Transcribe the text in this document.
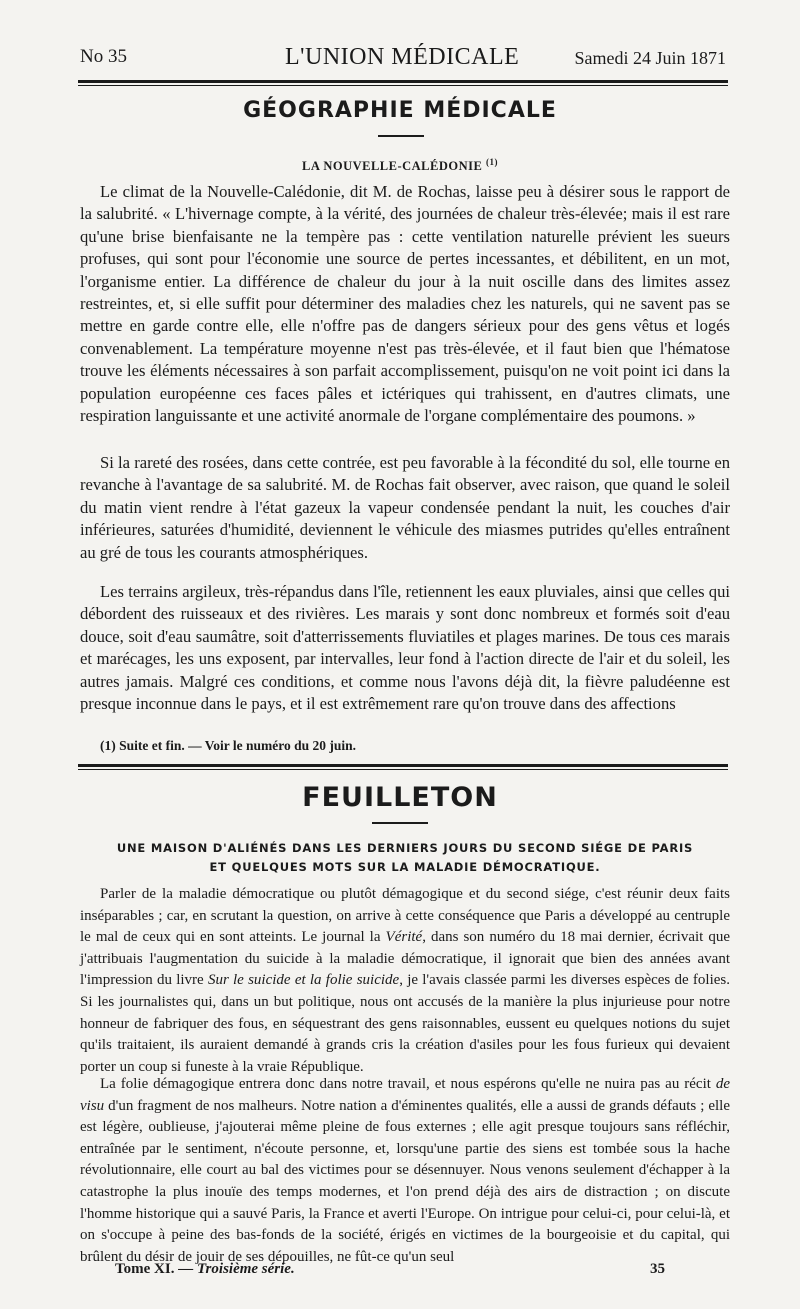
No 35	L'UNION MÉDICALE	Samedi 24 Juin 1871
GÉOGRAPHIE MÉDICALE
LA NOUVELLE-CALÉDONIE $^{(1)}$

Le climat de la Nouvelle-Calédonie, dit M. de Rochas, laisse peu à désirer sous le rapport de la salubrité. « L'hivernage compte, à la vérité, des journées de chaleur très-élevée; mais il est rare qu'une brise bienfaisante ne la tempère pas : cette ventilation naturelle prévient les sueurs profuses, qui sont pour l'économie une source de pertes incessantes, et débilitent, en un mot, l'organisme entier. La différence de chaleur du jour à la nuit oscille dans des limites assez restreintes, et, si elle suffit pour déterminer des maladies chez les naturels, qui ne savent pas se mettre en garde contre elle, elle n'offre pas de dangers sérieux pour des gens vêtus et logés convenablement. La température moyenne n'est pas très-élevée, et il faut bien que l'hématose trouve les éléments nécessaires à son parfait accomplissement, puisqu'on ne voit point ici dans la population européenne ces faces pâles et ictériques qui trahissent, en d'autres climats, une respiration languissante et une activité anormale de l'organe complémentaire des poumons. »

Si la rareté des rosées, dans cette contrée, est peu favorable à la fécondité du sol, elle tourne en revanche à l'avantage de sa salubrité. M. de Rochas fait observer, avec raison, que quand le soleil du matin vient rendre à l'état gazeux la vapeur condensée pendant la nuit, les couches d'air inférieures, saturées d'humidité, deviennent le véhicule des miasmes putrides qu'elles entraînent au gré de tous les courants atmosphériques.

Les terrains argileux, très-répandus dans l'île, retiennent les eaux pluviales, ainsi que celles qui débordent des ruisseaux et des rivières. Les marais y sont donc nombreux et formés soit d'eau douce, soit d'eau saumâtre, soit d'atterrissements fluviatiles et plages marines. De tous ces marais et marécages, les uns exposent, par intervalles, leur fond à l'action directe de l'air et du soleil, les autres jamais. Malgré ces conditions, et comme nous l'avons déjà dit, la fièvre paludéenne est presque inconnue dans le pays, et il est extrêmement rare qu'on trouve dans des affections

(1) Suite et fin. — Voir le numéro du 20 juin.
FEUILLETON
UNE MAISON D'ALIÉNÉS DANS LES DERNIERS JOURS DU SECOND SIÉGE DE PARIS
ET QUELQUES MOTS SUR LA MALADIE DÉMOCRATIQUE.

Parler de la maladie démocratique ou plutôt démagogique et du second siége, c'est réunir deux faits inséparables ; car, en scrutant la question, on arrive à cette conséquence que Paris a développé au centruple le mal de ceux qui en sont atteints. Le journal la Vérité, dans son numéro du 18 mai dernier, écrivait que j'attribuais l'augmentation du suicide à la maladie démocratique, il ignorait que bien des années avant l'impression du livre Sur le suicide et la folie suicide, je l'avais classée parmi les diverses espèces de folies. Si les journalistes qui, dans un but politique, nous ont accusés de la manière la plus injurieuse pour notre honneur de fabriquer des fous, en séquestrant des gens raisonnables, eussent eu quelques notions du sujet qu'ils traitaient, ils auraient demandé à grands cris la création d'asiles pour les fous furieux qui devaient porter un coup si funeste à la vraie République.

La folie démagogique entrera donc dans notre travail, et nous espérons qu'elle ne nuira pas au récit de visu d'un fragment de nos malheurs. Notre nation a d'éminentes qualités, elle a aussi de grands défauts ; elle est légère, oublieuse, j'ajouterai même pleine de fous externes ; elle agit presque toujours sans réfléchir, entraînée par le sentiment, n'écoute personne, et, lorsqu'une partie des siens est tombée sous la hache révolutionnaire, elle court au bal des victimes pour se désennuyer. Nous venons seulement d'échapper à la catastrophe la plus inouïe des temps modernes, et l'on prend déjà des airs de distraction ; on discute l'homme historique qui a sauvé Paris, la France et averti l'Europe. On intrigue pour celui-ci, pour celui-là, et on s'occupe à peine des bas-fonds de la société, érigés en victimes de la bourgeoisie et du capital, qui brûlent du désir de jouir de ses dépouilles, ne fût-ce qu'un seul

Tome XI. — Troisième série.	35
